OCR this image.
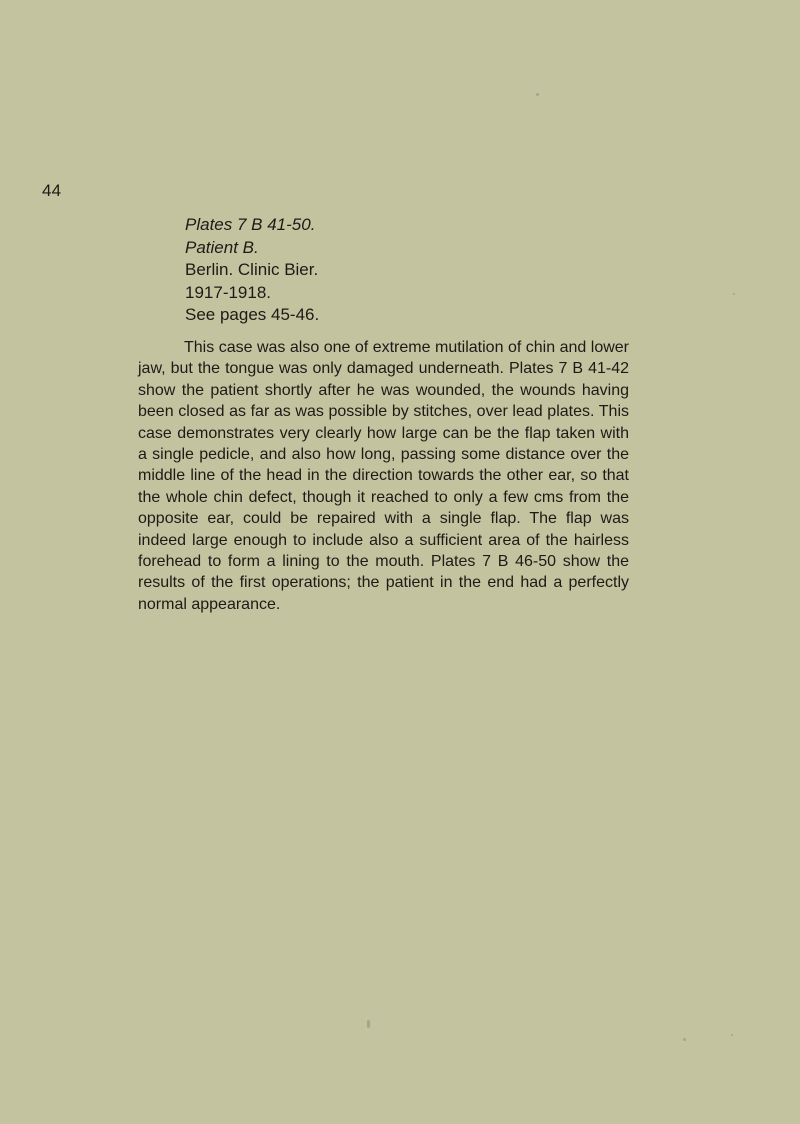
44
Plates 7 B 41-50.
Patient B.
Berlin. Clinic Bier.
1917-1918.
See pages 45-46.

This case was also one of extreme mutilation of chin and lower jaw, but the tongue was only damaged underneath. Plates 7 B 41-42 show the patient shortly after he was wounded, the wounds having been closed as far as was possible by stitches, over lead plates. This case demonstrates very clearly how large can be the flap taken with a single pedicle, and also how long, passing some distance over the middle line of the head in the direction towards the other ear, so that the whole chin defect, though it reached to only a few cms from the opposite ear, could be repaired with a single flap. The flap was indeed large enough to include also a sufficient area of the hairless forehead to form a lining to the mouth. Plates 7 B 46-50 show the results of the first operations; the patient in the end had a perfectly normal appearance.
